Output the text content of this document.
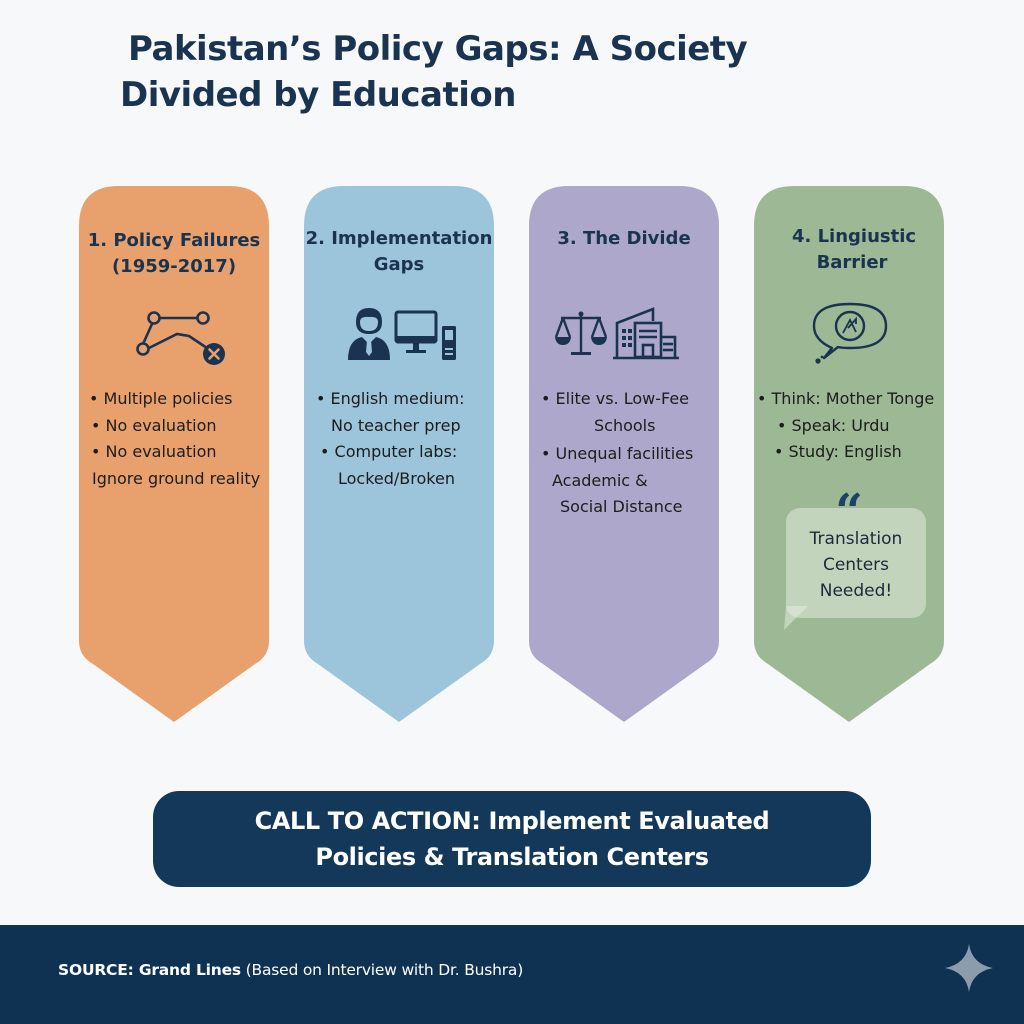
Pakistan’s Policy Gaps: A Society
Divided by Education
1. Policy Failures
(1959-2017)
• Multiple policies
• No evaluation
• No evaluation
Ignore ground reality
2. Implementation
Gaps
• English medium:
No teacher prep
• Computer labs:
Locked/Broken
3. The Divide
• Elite vs. Low-Fee
Schools
• Unequal facilities
Academic &
Social Distance
4. Lingiustic
Barrier
• Think: Mother Tonge
• Speak: Urdu
• Study: English
“
Translation
Centers
Needed!
CALL TO ACTION: Implement Evaluated
Policies & Translation Centers
SOURCE: Grand Lines (Based on Interview with Dr. Bushra)
